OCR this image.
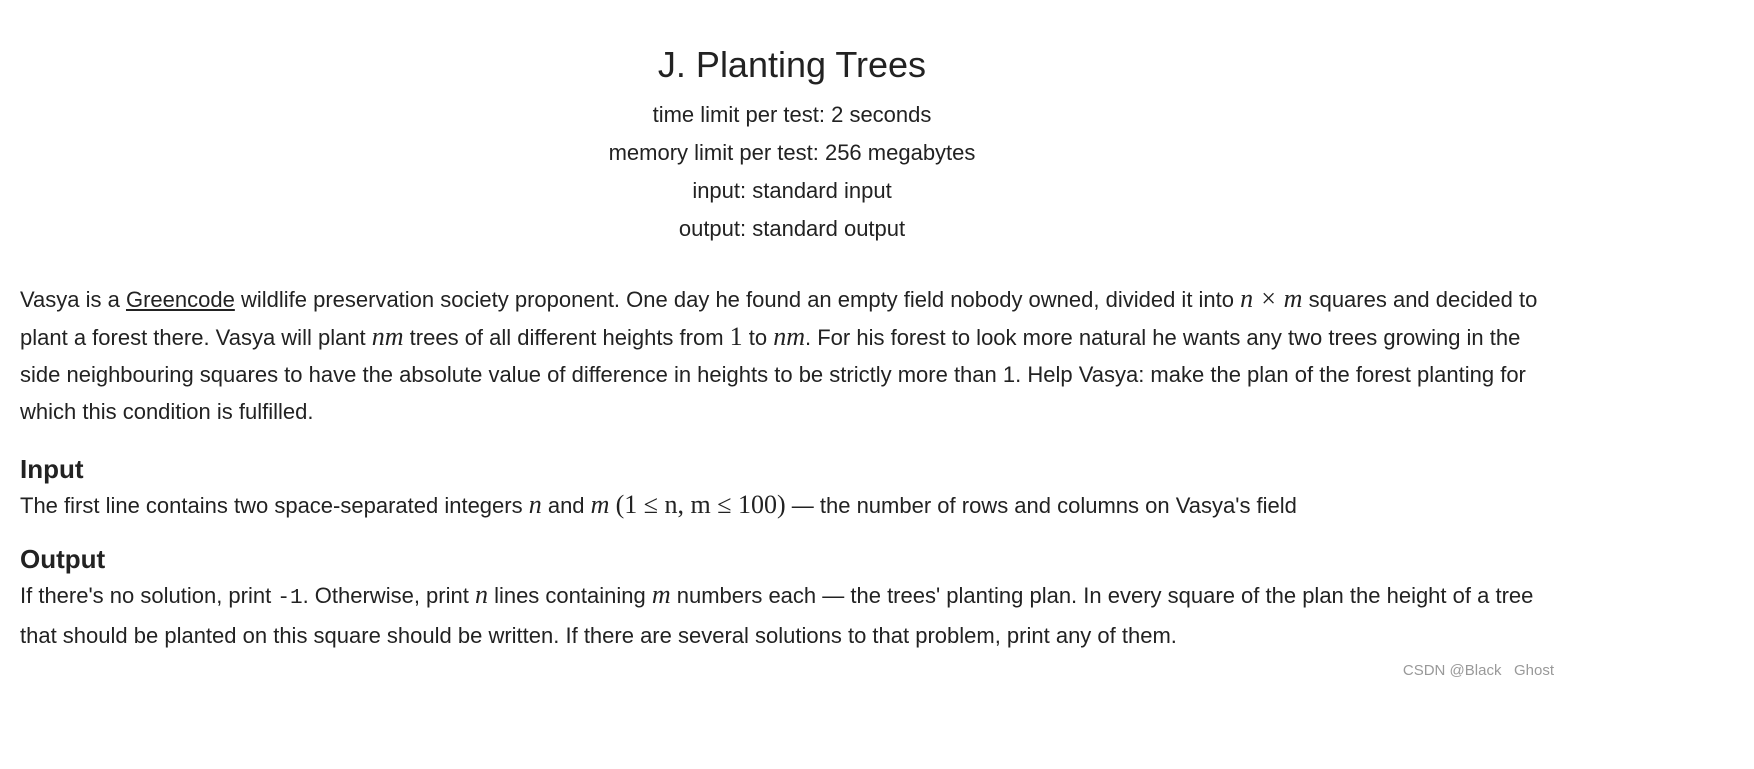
J. Planting Trees
time limit per test: 2 seconds
memory limit per test: 256 megabytes
input: standard input
output: standard output

Vasya is a Greencode wildlife preservation society proponent. One day he found an empty field nobody owned, divided it into n × m squares and decided to plant a forest there. Vasya will plant nm trees of all different heights from 1 to nm. For his forest to look more natural he wants any two trees growing in the side neighbouring squares to have the absolute value of difference in heights to be strictly more than 1. Help Vasya: make the plan of the forest planting for which this condition is fulfilled.

Input

The first line contains two space-separated integers n and m (1 ≤ n, m ≤ 100) — the number of rows and columns on Vasya's field

Output

If there's no solution, print -1. Otherwise, print n lines containing m numbers each — the trees' planting plan. In every square of the plan the height of a tree that should be planted on this square should be written. If there are several solutions to that problem, print any of them.

CSDN @Black   Ghost
